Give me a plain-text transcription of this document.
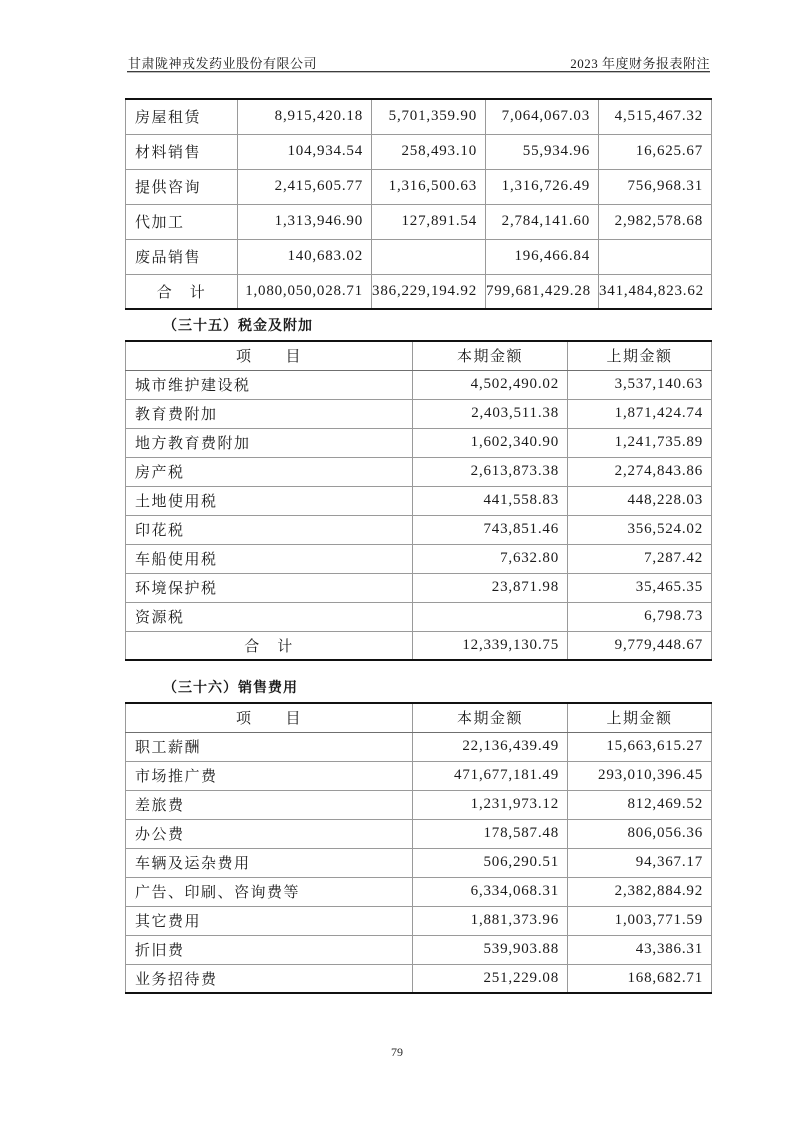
甘肃陇神戎发药业股份有限公司	2023 年度财务报表附注
房屋租赁	8,915,420.18	5,701,359.90	7,064,067.03	4,515,467.32
材料销售	104,934.54	258,493.10	55,934.96	16,625.67
提供咨询	2,415,605.77	1,316,500.63	1,316,726.49	756,968.31
代加工	1,313,946.90	127,891.54	2,784,141.60	2,982,578.68
废品销售	140,683.02		196,466.84	
合　计	1,080,050,028.71	386,229,194.92	799,681,429.28	341,484,823.62
（三十五）税金及附加
项　　目	本期金额	上期金额
城市维护建设税	4,502,490.02	3,537,140.63
教育费附加	2,403,511.38	1,871,424.74
地方教育费附加	1,602,340.90	1,241,735.89
房产税	2,613,873.38	2,274,843.86
土地使用税	441,558.83	448,228.03
印花税	743,851.46	356,524.02
车船使用税	7,632.80	7,287.42
环境保护税	23,871.98	35,465.35
资源税		6,798.73
合　计	12,339,130.75	9,779,448.67
（三十六）销售费用
项　　目	本期金额	上期金额
职工薪酬	22,136,439.49	15,663,615.27
市场推广费	471,677,181.49	293,010,396.45
差旅费	1,231,973.12	812,469.52
办公费	178,587.48	806,056.36
车辆及运杂费用	506,290.51	94,367.17
广告、印刷、咨询费等	6,334,068.31	2,382,884.92
其它费用	1,881,373.96	1,003,771.59
折旧费	539,903.88	43,386.31
业务招待费	251,229.08	168,682.71
79
